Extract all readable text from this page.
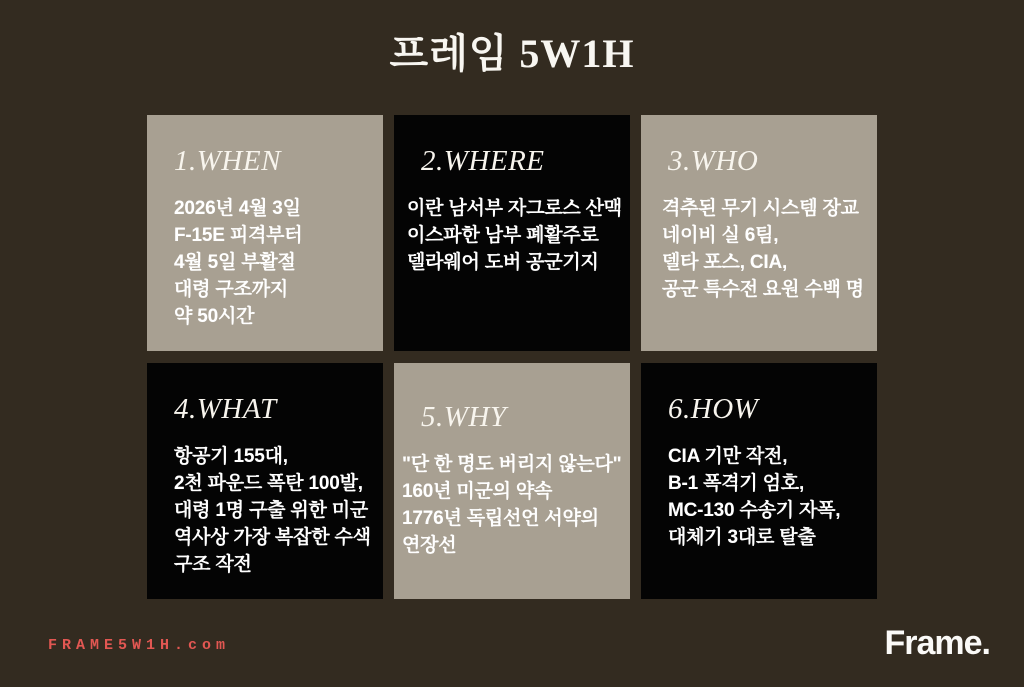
프레임 5W1H
1.WHEN
2026년 4월 3일
F-15E 피격부터
4월 5일 부활절
대령 구조까지
약 50시간
2.WHERE
이란 남서부 자그로스 산맥
이스파한 남부 폐활주로
델라웨어 도버 공군기지
3.WHO
격추된 무기 시스템 장교
네이비 실 6팀,
델타 포스, CIA,
공군 특수전 요원 수백 명
4.WHAT
항공기 155대,
2천 파운드 폭탄 100발,
대령 1명 구출 위한 미군
역사상 가장 복잡한 수색
구조 작전
5.WHY
"단 한 명도 버리지 않는다"
160년 미군의 약속
1776년 독립선언 서약의
연장선
6.HOW
CIA 기만 작전,
B-1 폭격기 엄호,
MC-130 수송기 자폭,
대체기 3대로 탈출
FRAME5W1H.com	Frame.
